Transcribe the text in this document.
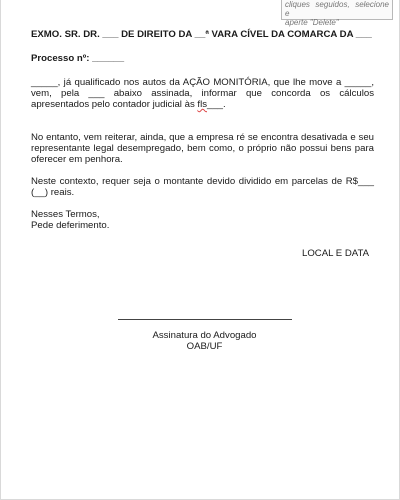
cliques seguidos, selecione e
aperte "Delete"

EXMO. SR. DR. ___ DE DIREITO DA __ª VARA CÍVEL DA COMARCA DA ___

Processo nº: ______

_____, já qualificado nos autos da AÇÃO MONITÓRIA, que lhe move a _____, vem, pela ___ abaixo assinada, informar que concorda os cálculos apresentados pelo contador judicial às fls___.

No entanto, vem reiterar, ainda, que a empresa ré se encontra desativada e seu representante legal desempregado, bem como, o próprio não possui bens para oferecer em penhora.

Neste contexto, requer seja o montante devido dividido em parcelas de R$___ (__) reais.

Nesses Termos,
Pede deferimento.

LOCAL E DATA

Assinatura do Advogado
OAB/UF
